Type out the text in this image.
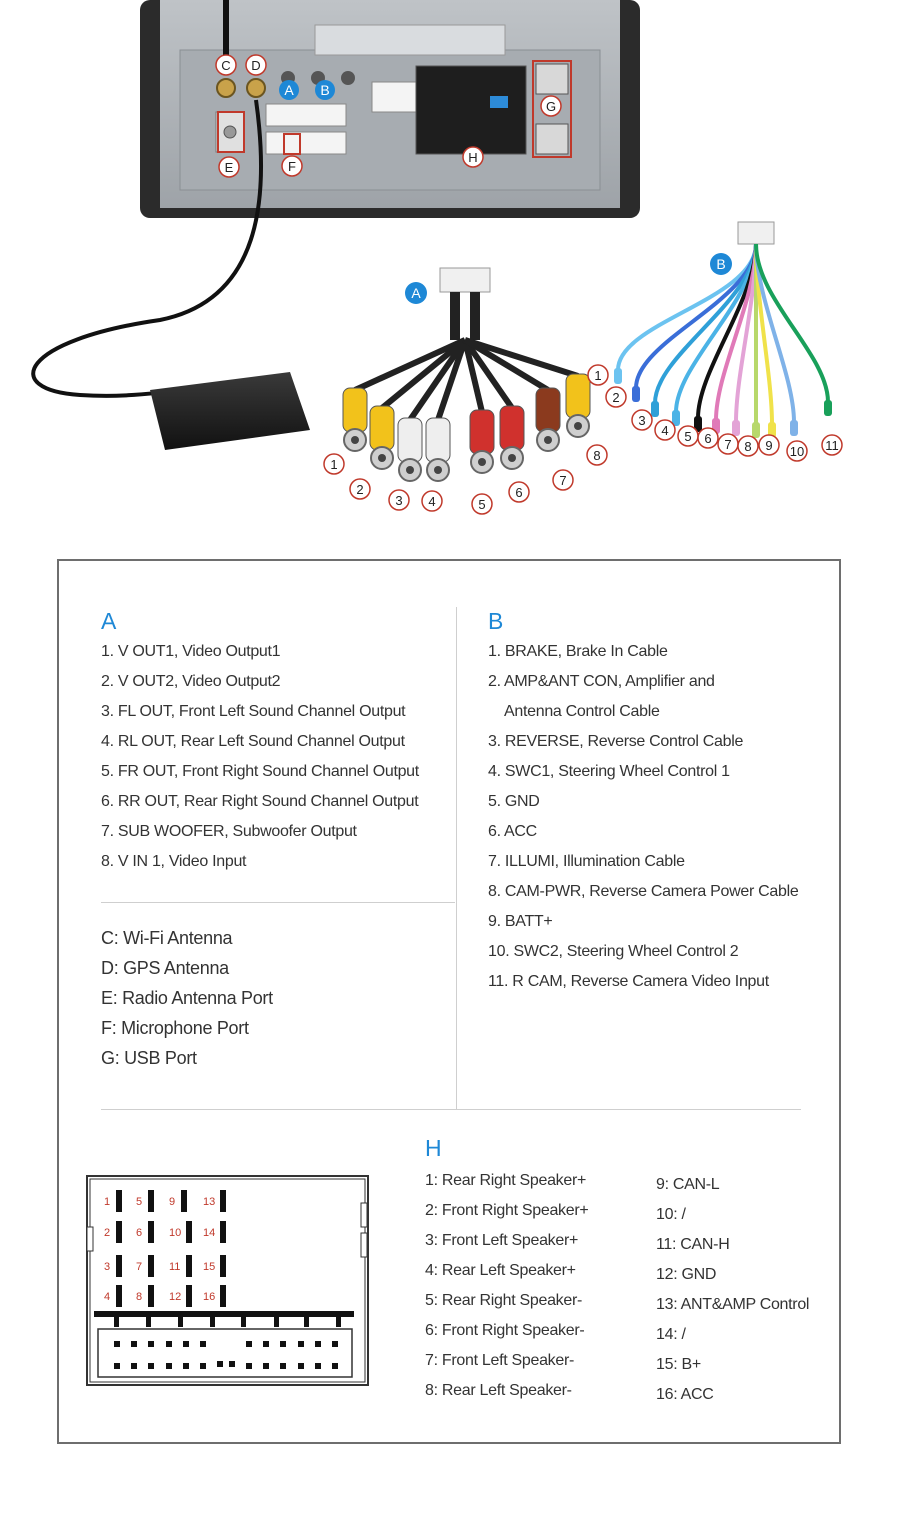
A B
C D
E	F
G
H
A
B
1
2
3 4	5
6
7
8
1
2
3
4 5 6 7 8 9 10 11
A
1. V OUT1, Video Output1
2. V OUT2, Video Output2
3. FL OUT, Front Left Sound Channel Output
4. RL OUT, Rear Left Sound Channel Output
5. FR OUT, Front Right Sound Channel Output
6. RR OUT, Rear Right Sound Channel Output
7. SUB WOOFER, Subwoofer Output
8. V IN 1, Video Input
C: Wi-Fi Antenna
D: GPS Antenna
E: Radio Antenna Port
F: Microphone Port
G: USB Port
B
1. BRAKE, Brake In Cable
2. AMP&ANT CON, Amplifier and
Antenna Control Cable
3. REVERSE, Reverse Control Cable
4. SWC1, Steering Wheel Control 1
5. GND
6. ACC
7. ILLUMI, Illumination Cable
8. CAM-PWR, Reverse Camera Power Cable
9. BATT+
10. SWC2, Steering Wheel Control 2
11. R CAM, Reverse Camera Video Input
1
2
3
4
5
6
7
8
9
10
11
12
13
14
15
16
H
1: Rear Right Speaker+
2: Front Right Speaker+
3: Front Left Speaker+
4: Rear Left Speaker+
5: Rear Right Speaker-
6: Front Right Speaker-
7: Front Left Speaker-
8: Rear Left Speaker-
9: CAN-L
10: /
11: CAN-H
12: GND
13: ANT&AMP Control
14: /
15: B+
16: ACC
